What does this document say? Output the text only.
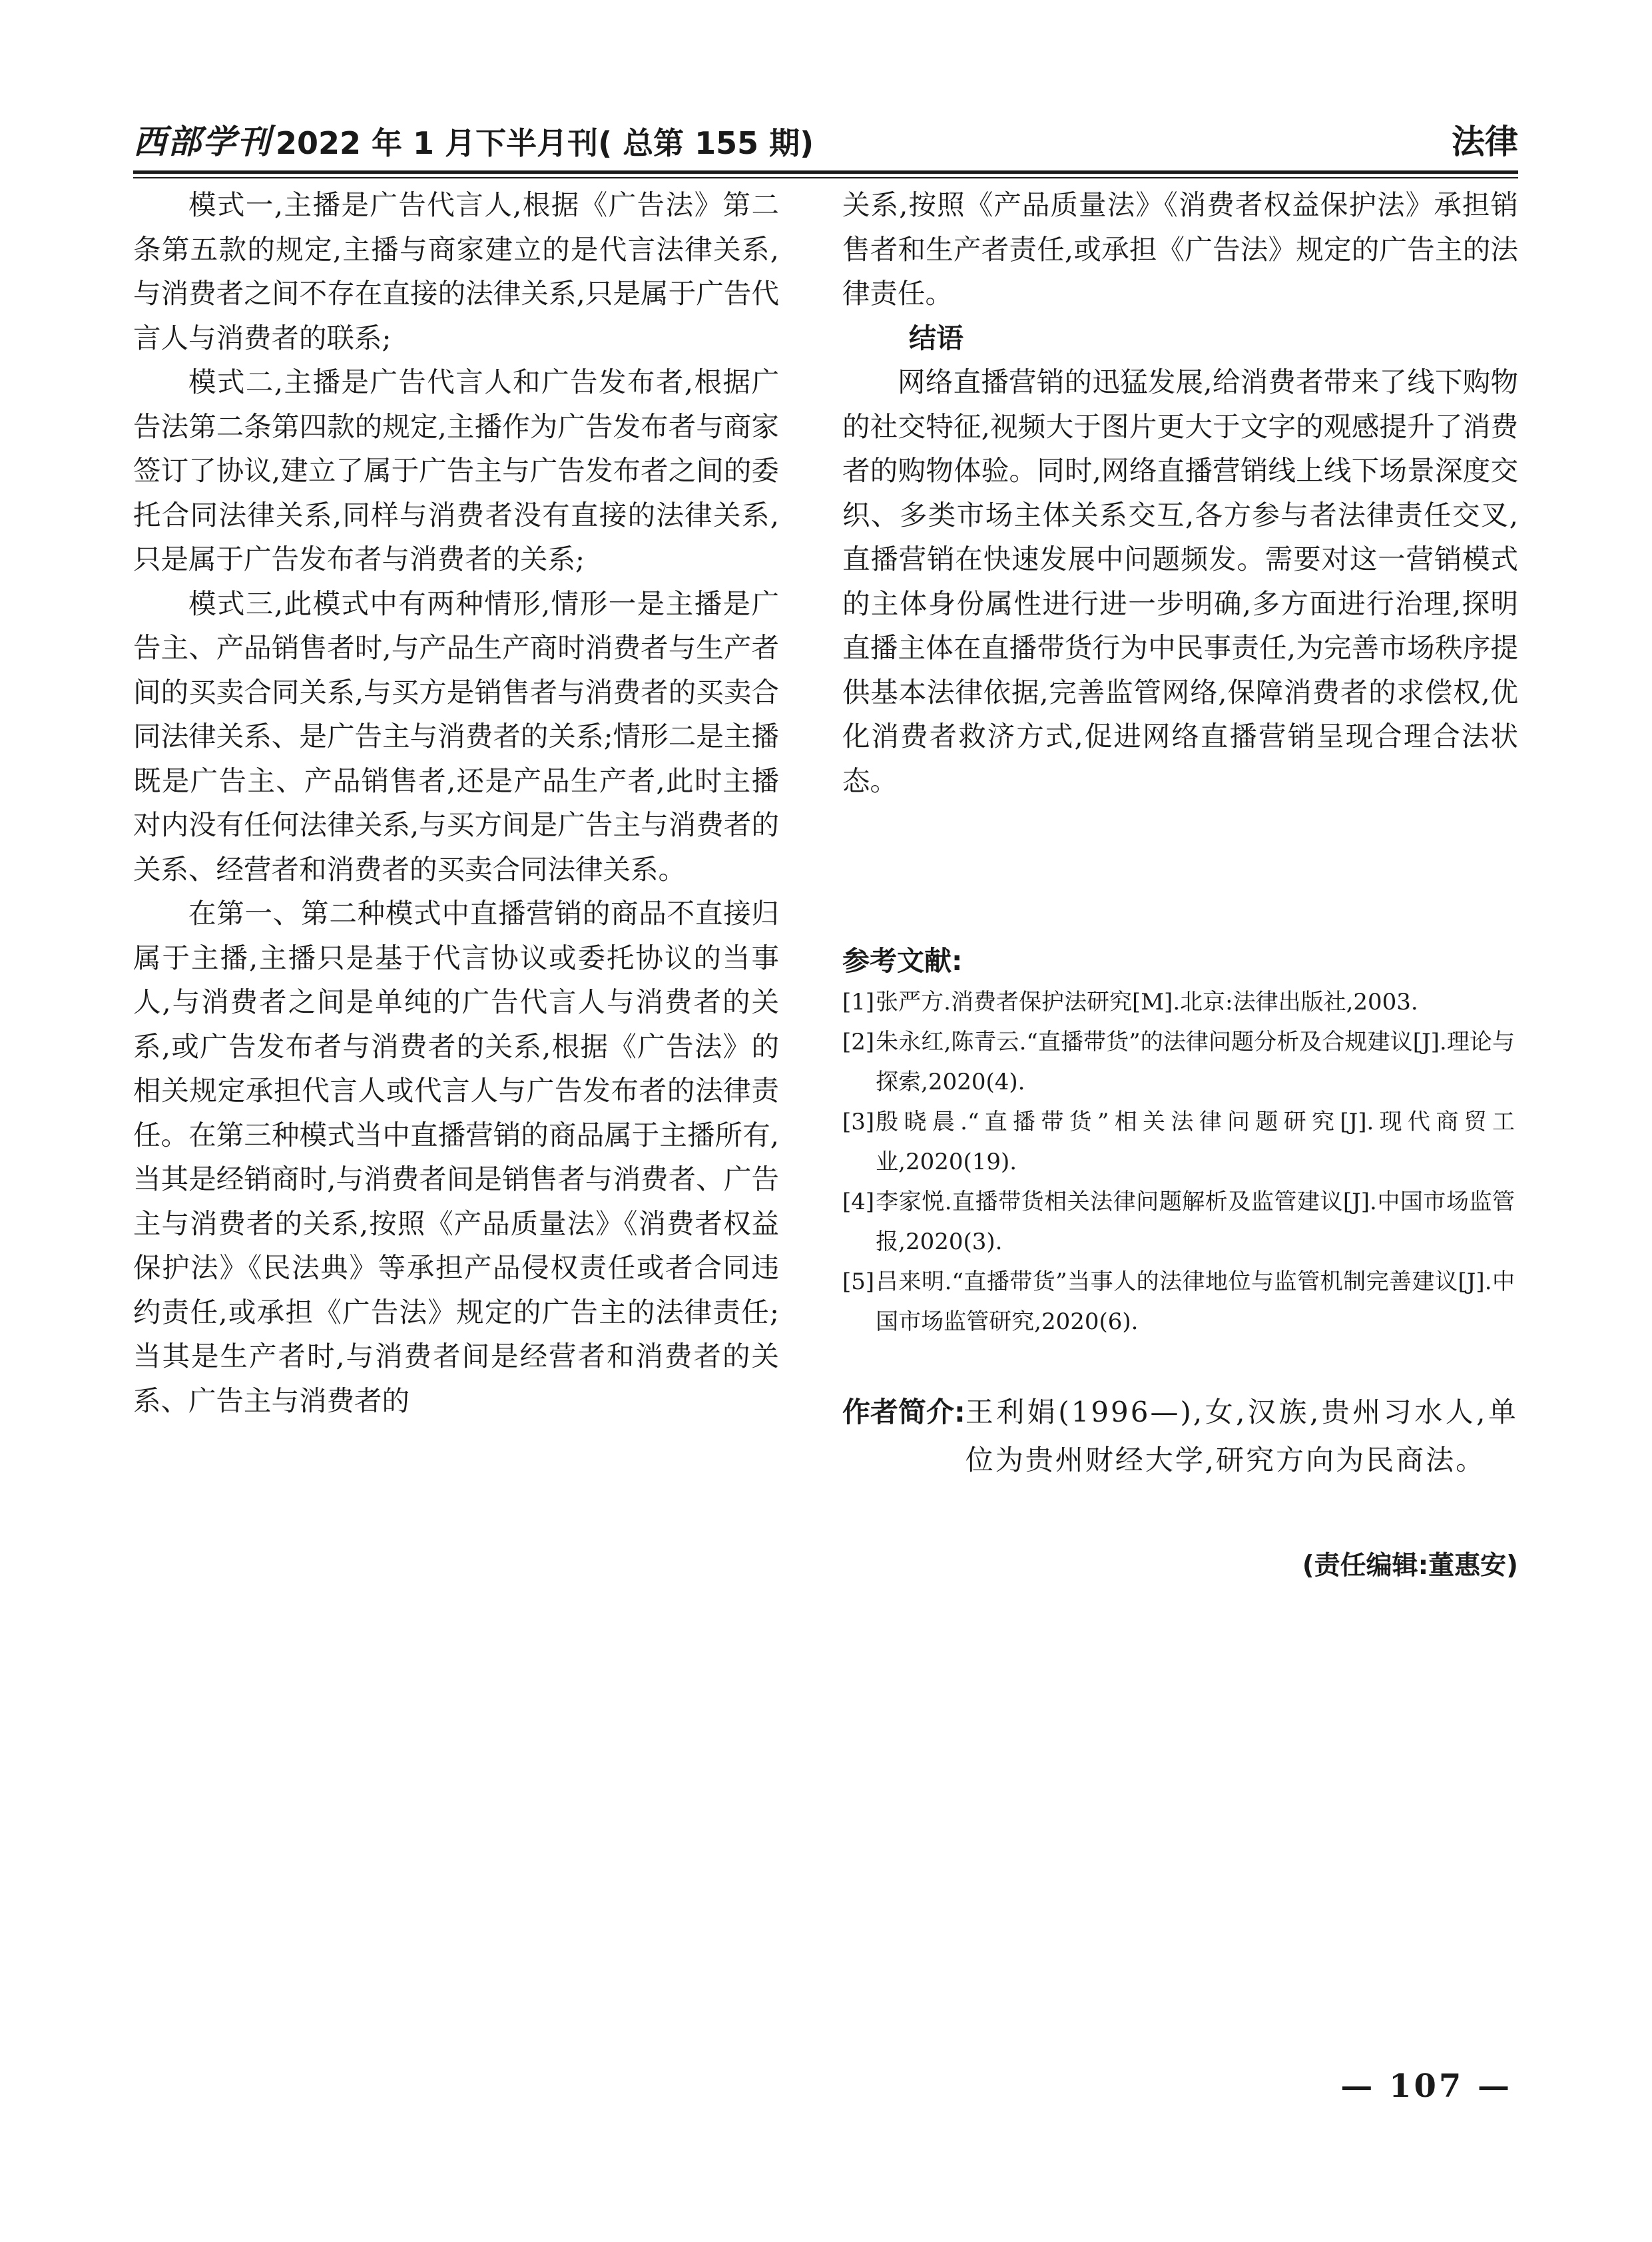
西部学刊 2022 年 1 月下半月刊( 总第 155 期)	法律

模式一,主播是广告代言人,根据《广告法》第二条第五款的规定,主播与商家建立的是代言法律关系,与消费者之间不存在直接的法律关系,只是属于广告代言人与消费者的联系;

模式二,主播是广告代言人和广告发布者,根据广告法第二条第四款的规定,主播作为广告发布者与商家签订了协议,建立了属于广告主与广告发布者之间的委托合同法律关系,同样与消费者没有直接的法律关系,只是属于广告发布者与消费者的关系;

模式三,此模式中有两种情形,情形一是主播是广告主、产品销售者时,与产品生产商时消费者与生产者间的买卖合同关系,与买方是销售者与消费者的买卖合同法律关系、是广告主与消费者的关系;情形二是主播既是广告主、产品销售者,还是产品生产者,此时主播对内没有任何法律关系,与买方间是广告主与消费者的关系、经营者和消费者的买卖合同法律关系。

在第一、第二种模式中直播营销的商品不直接归属于主播,主播只是基于代言协议或委托协议的当事人,与消费者之间是单纯的广告代言人与消费者的关系,或广告发布者与消费者的关系,根据《广告法》的相关规定承担代言人或代言人与广告发布者的法律责任。在第三种模式当中直播营销的商品属于主播所有,当其是经销商时,与消费者间是销售者与消费者、广告主与消费者的关系,按照《产品质量法》《消费者权益保护法》《民法典》等承担产品侵权责任或者合同违约责任,或承担《广告法》规定的广告主的法律责任;当其是生产者时,与消费者间是经营者和消费者的关系、广告主与消费者的

关系,按照《产品质量法》《消费者权益保护法》承担销售者和生产者责任,或承担《广告法》规定的广告主的法律责任。

结语

网络直播营销的迅猛发展,给消费者带来了线下购物的社交特征,视频大于图片更大于文字的观感提升了消费者的购物体验。同时,网络直播营销线上线下场景深度交织、多类市场主体关系交互,各方参与者法律责任交叉,直播营销在快速发展中问题频发。需要对这一营销模式的主体身份属性进行进一步明确,多方面进行治理,探明直播主体在直播带货行为中民事责任,为完善市场秩序提供基本法律依据,完善监管网络,保障消费者的求偿权,优化消费者救济方式,促进网络直播营销呈现合理合法状态。

参考文献:
[1] 张严方.消费者保护法研究[M].北京:法律出版社,2003.
[2] 朱永红,陈青云.“直播带货”的法律问题分析及合规建议[J].理论与探索,2020(4).
[3] 殷晓晨.“直播带货”相关法律问题研究[J].现代商贸工业,2020(19).
[4] 李家悦.直播带货相关法律问题解析及监管建议[J].中国市场监管报,2020(3).
[5] 吕来明.“直播带货”当事人的法律地位与监管机制完善建议[J].中国市场监管研究,2020(6).
作者简介: 王利娟(1996—),女,汉族,贵州习水人,单位为贵州财经大学,研究方向为民商法。
(责任编辑:董惠安)
— 107 —
